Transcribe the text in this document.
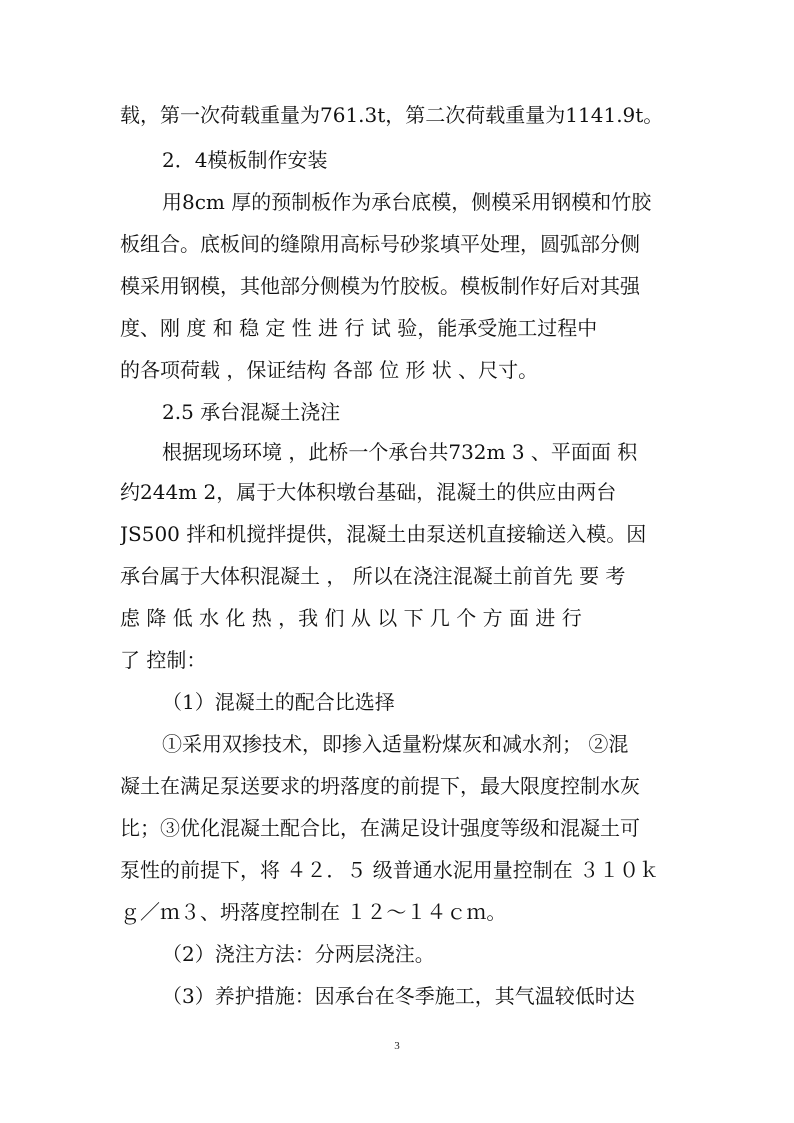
载，第一次荷载重量为761.3t，第二次荷载重量为1141.9t。
2．4模板制作安装
用8cm 厚的预制板作为承台底模，侧模采用钢模和竹胶
板组合。底板间的缝隙用高标号砂浆填平处理，圆弧部分侧
模采用钢模，其他部分侧模为竹胶板。模板制作好后对其强
度、刚 度 和 稳 定 性 进 行 试 验，能承受施工过程中
的各项荷载 ，保证结构 各部 位 形 状 、尺寸。
2.5 承台混凝土浇注
根据现场环境 ，此桥一个承台共732m 3 、平面面 积
约244m 2，属于大体积墩台基础，混凝土的供应由两台
JS500 拌和机搅拌提供，混凝土由泵送机直接输送入模。因
承台属于大体积混凝土 ， 所以在浇注混凝土前首先 要 考
虑 降 低 水 化 热 ，我 们 从 以 下 几 个 方 面 进 行
了 控制：
（1）混凝土的配合比选择
①采用双掺技术，即掺入适量粉煤灰和减水剂； ②混
凝土在满足泵送要求的坍落度的前提下，最大限度控制水灰
比；③优化混凝土配合比，在满足设计强度等级和混凝土可
泵性的前提下，将 ４２．５ 级普通水泥用量控制在 ３１０ｋ
ｇ／ｍ３、坍落度控制在 １２～１４ｃｍ。
（2）浇注方法：分两层浇注。
（3）养护措施：因承台在冬季施工，其气温较低时达
3
